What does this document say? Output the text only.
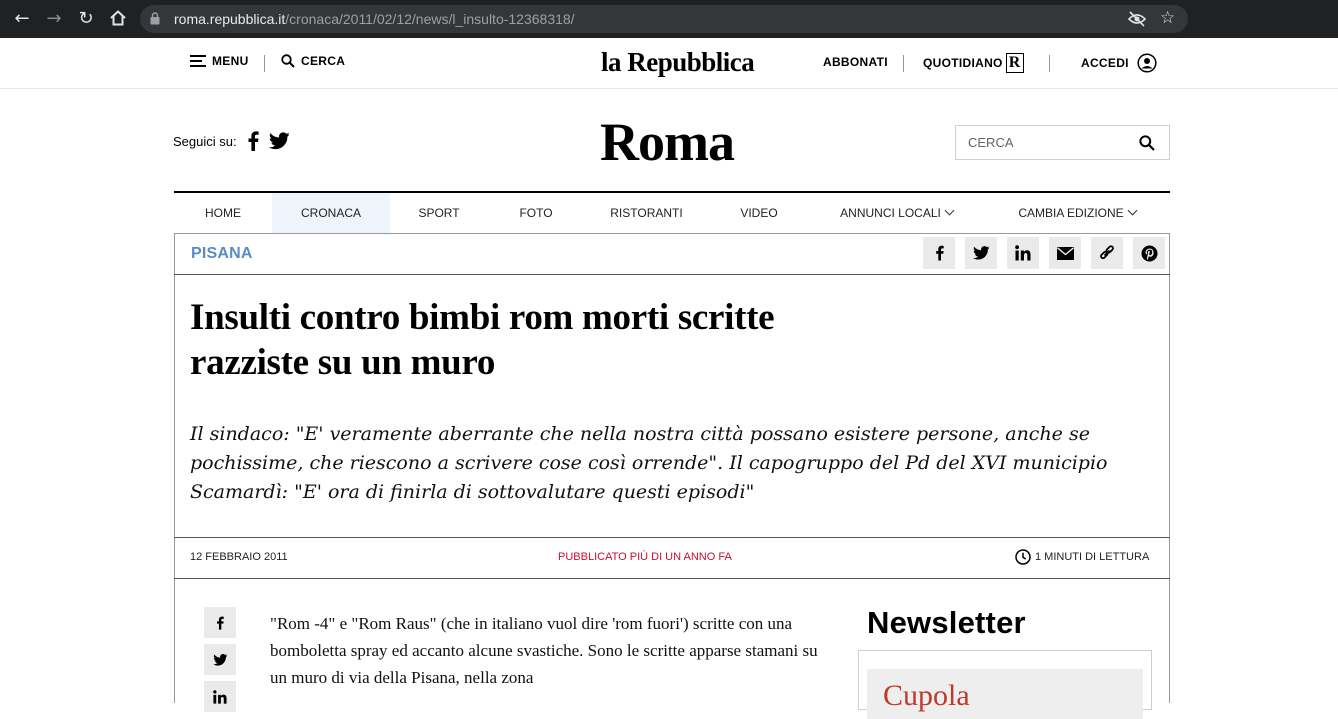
← → ↻	roma.repubblica.it/cronaca/2011/02/12/news/l_insulto-12368318/	☆
MENU	CERCA	la Repubblica	ABBONATI	QUOTIDIANO R	ACCEDI
Seguici su:	Roma
CERCA
HOME	CRONACA	SPORT	FOTO	RISTORANTI	VIDEO	ANNUNCI LOCALI	CAMBIA EDIZIONE
PISANA
Insulti contro bimbi rom morti scritte razziste su un muro

Il sindaco: "E' veramente aberrante che nella nostra città possano esistere persone, anche se pochissime, che riescono a scrivere cose così orrende". Il capogruppo del Pd del XVI municipio Scamardì: "E' ora di finirla di sottovalutare questi episodi"

12 FEBBRAIO 2011	PUBBLICATO PIÙ DI UN ANNO FA	1 MINUTI DI LETTURA

"Rom -4" e "Rom Raus" (che in italiano vuol dire 'rom fuori') scritte con una bomboletta spray ed accanto alcune svastiche. Sono le scritte apparse stamani su un muro di via della Pisana, nella zona

Newsletter
Cupola
